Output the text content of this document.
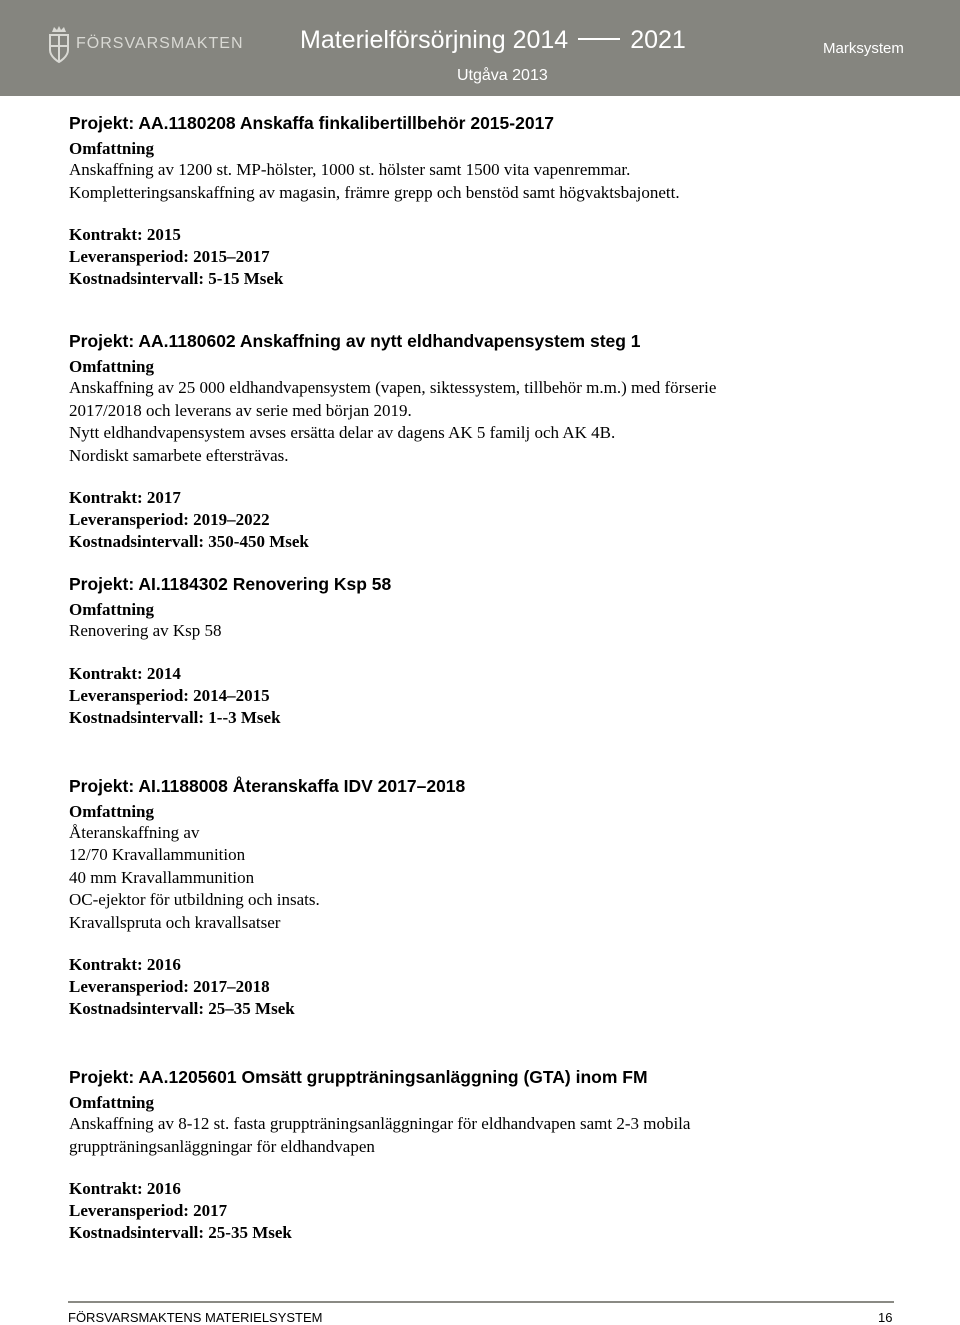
FÖRSVARSMAKTEN Materielförsörjning 2014 2021
Utgåva 2013
Marksystem
Projekt: AA.1180208 Anskaffa finkalibertillbehör 2015-2017
Omfattning
Anskaffning av 1200 st. MP-hölster, 1000 st. hölster samt 1500 vita vapenremmar.
Kompletteringsanskaffning av magasin, främre grepp och benstöd samt högvaktsbajonett.
Kontrakt: 2015
Leveransperiod: 2015–2017
Kostnadsintervall: 5-15 Msek
Projekt: AA.1180602 Anskaffning av nytt eldhandvapensystem steg 1
Omfattning
Anskaffning av 25 000 eldhandvapensystem (vapen, siktessystem, tillbehör m.m.) med förserie
2017/2018 och leverans av serie med början 2019.
Nytt eldhandvapensystem avses ersätta delar av dagens AK 5 familj och AK 4B.
Nordiskt samarbete eftersträvas.
Kontrakt: 2017
Leveransperiod: 2019–2022
Kostnadsintervall: 350-450 Msek
Projekt: AI.1184302 Renovering Ksp 58
Omfattning
Renovering av Ksp 58
Kontrakt: 2014
Leveransperiod: 2014–2015
Kostnadsintervall: 1--3 Msek
Projekt: AI.1188008 Återanskaffa IDV 2017–2018
Omfattning
Återanskaffning av
12/70 Kravallammunition
40 mm Kravallammunition
OC-ejektor för utbildning och insats.
Kravallspruta och kravallsatser
Kontrakt: 2016
Leveransperiod: 2017–2018
Kostnadsintervall: 25–35 Msek
Projekt: AA.1205601 Omsätt gruppträningsanläggning (GTA) inom FM
Omfattning
Anskaffning av 8-12 st. fasta gruppträningsanläggningar för eldhandvapen samt 2-3 mobila
gruppträningsanläggningar för eldhandvapen
Kontrakt: 2016
Leveransperiod: 2017
Kostnadsintervall: 25-35 Msek
FÖRSVARSMAKTENS MATERIELSYSTEM	16
